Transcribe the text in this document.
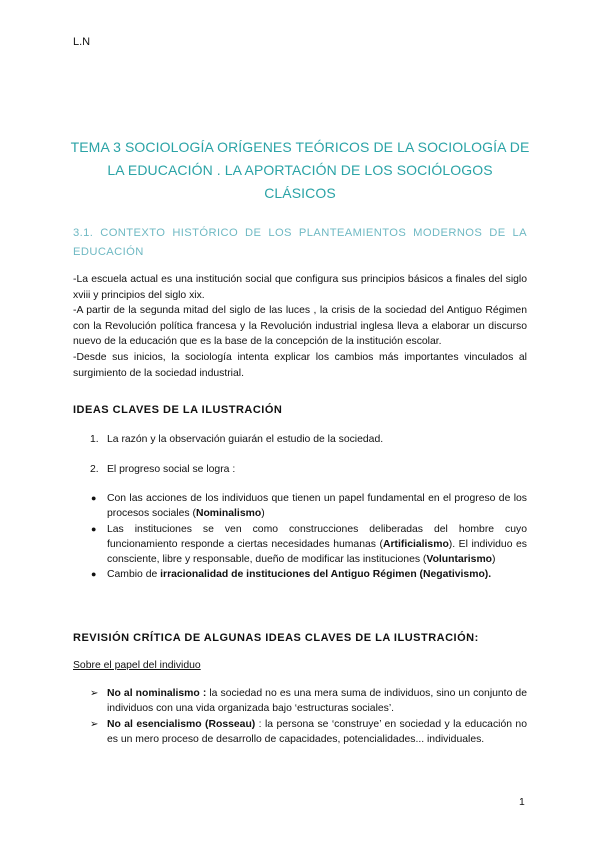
L.N
TEMA 3 SOCIOLOGÍA ORÍGENES TEÓRICOS DE LA SOCIOLOGÍA DE
LA EDUCACIÓN . LA APORTACIÓN DE LOS SOCIÓLOGOS
CLÁSICOS
3.1. CONTEXTO HISTÓRICO DE LOS PLANTEAMIENTOS MODERNOS DE LA EDUCACIÓN

-La escuela actual es una institución social que configura sus principios básicos a finales del siglo xviii y principios del siglo xix.

-A partir de la segunda mitad del siglo de las luces , la crisis de la sociedad del Antiguo Régimen con la Revolución política francesa y la Revolución industrial inglesa lleva a elaborar un discurso nuevo de la educación que es la base de la concepción de la institución escolar.

-Desde sus inicios, la sociología intenta explicar los cambios más importantes vinculados al surgimiento de la sociedad industrial.

IDEAS CLAVES DE LA ILUSTRACIÓN
1. La razón y la observación guiarán el estudio de la sociedad.
2. El progreso social se logra :
● Con las acciones de los individuos que tienen un papel fundamental en el progreso de los procesos sociales (Nominalismo)
● Las instituciones se ven como construcciones deliberadas del hombre cuyo funcionamiento responde a ciertas necesidades humanas (Artificialismo). El individuo es consciente, libre y responsable, dueño de modificar las instituciones (Voluntarismo)
● Cambio de irracionalidad de instituciones del Antiguo Régimen (Negativismo).
REVISIÓN CRÍTICA DE ALGUNAS IDEAS CLAVES DE LA ILUSTRACIÓN:
Sobre el papel del individuo
➢ No al nominalismo : la sociedad no es una mera suma de individuos, sino un conjunto de individuos con una vida organizada bajo ‘estructuras sociales’.
➢ No al esencialismo (Rosseau) : la persona se ‘construye’ en sociedad y la educación no es un mero proceso de desarrollo de capacidades, potencialidades... individuales.
1
